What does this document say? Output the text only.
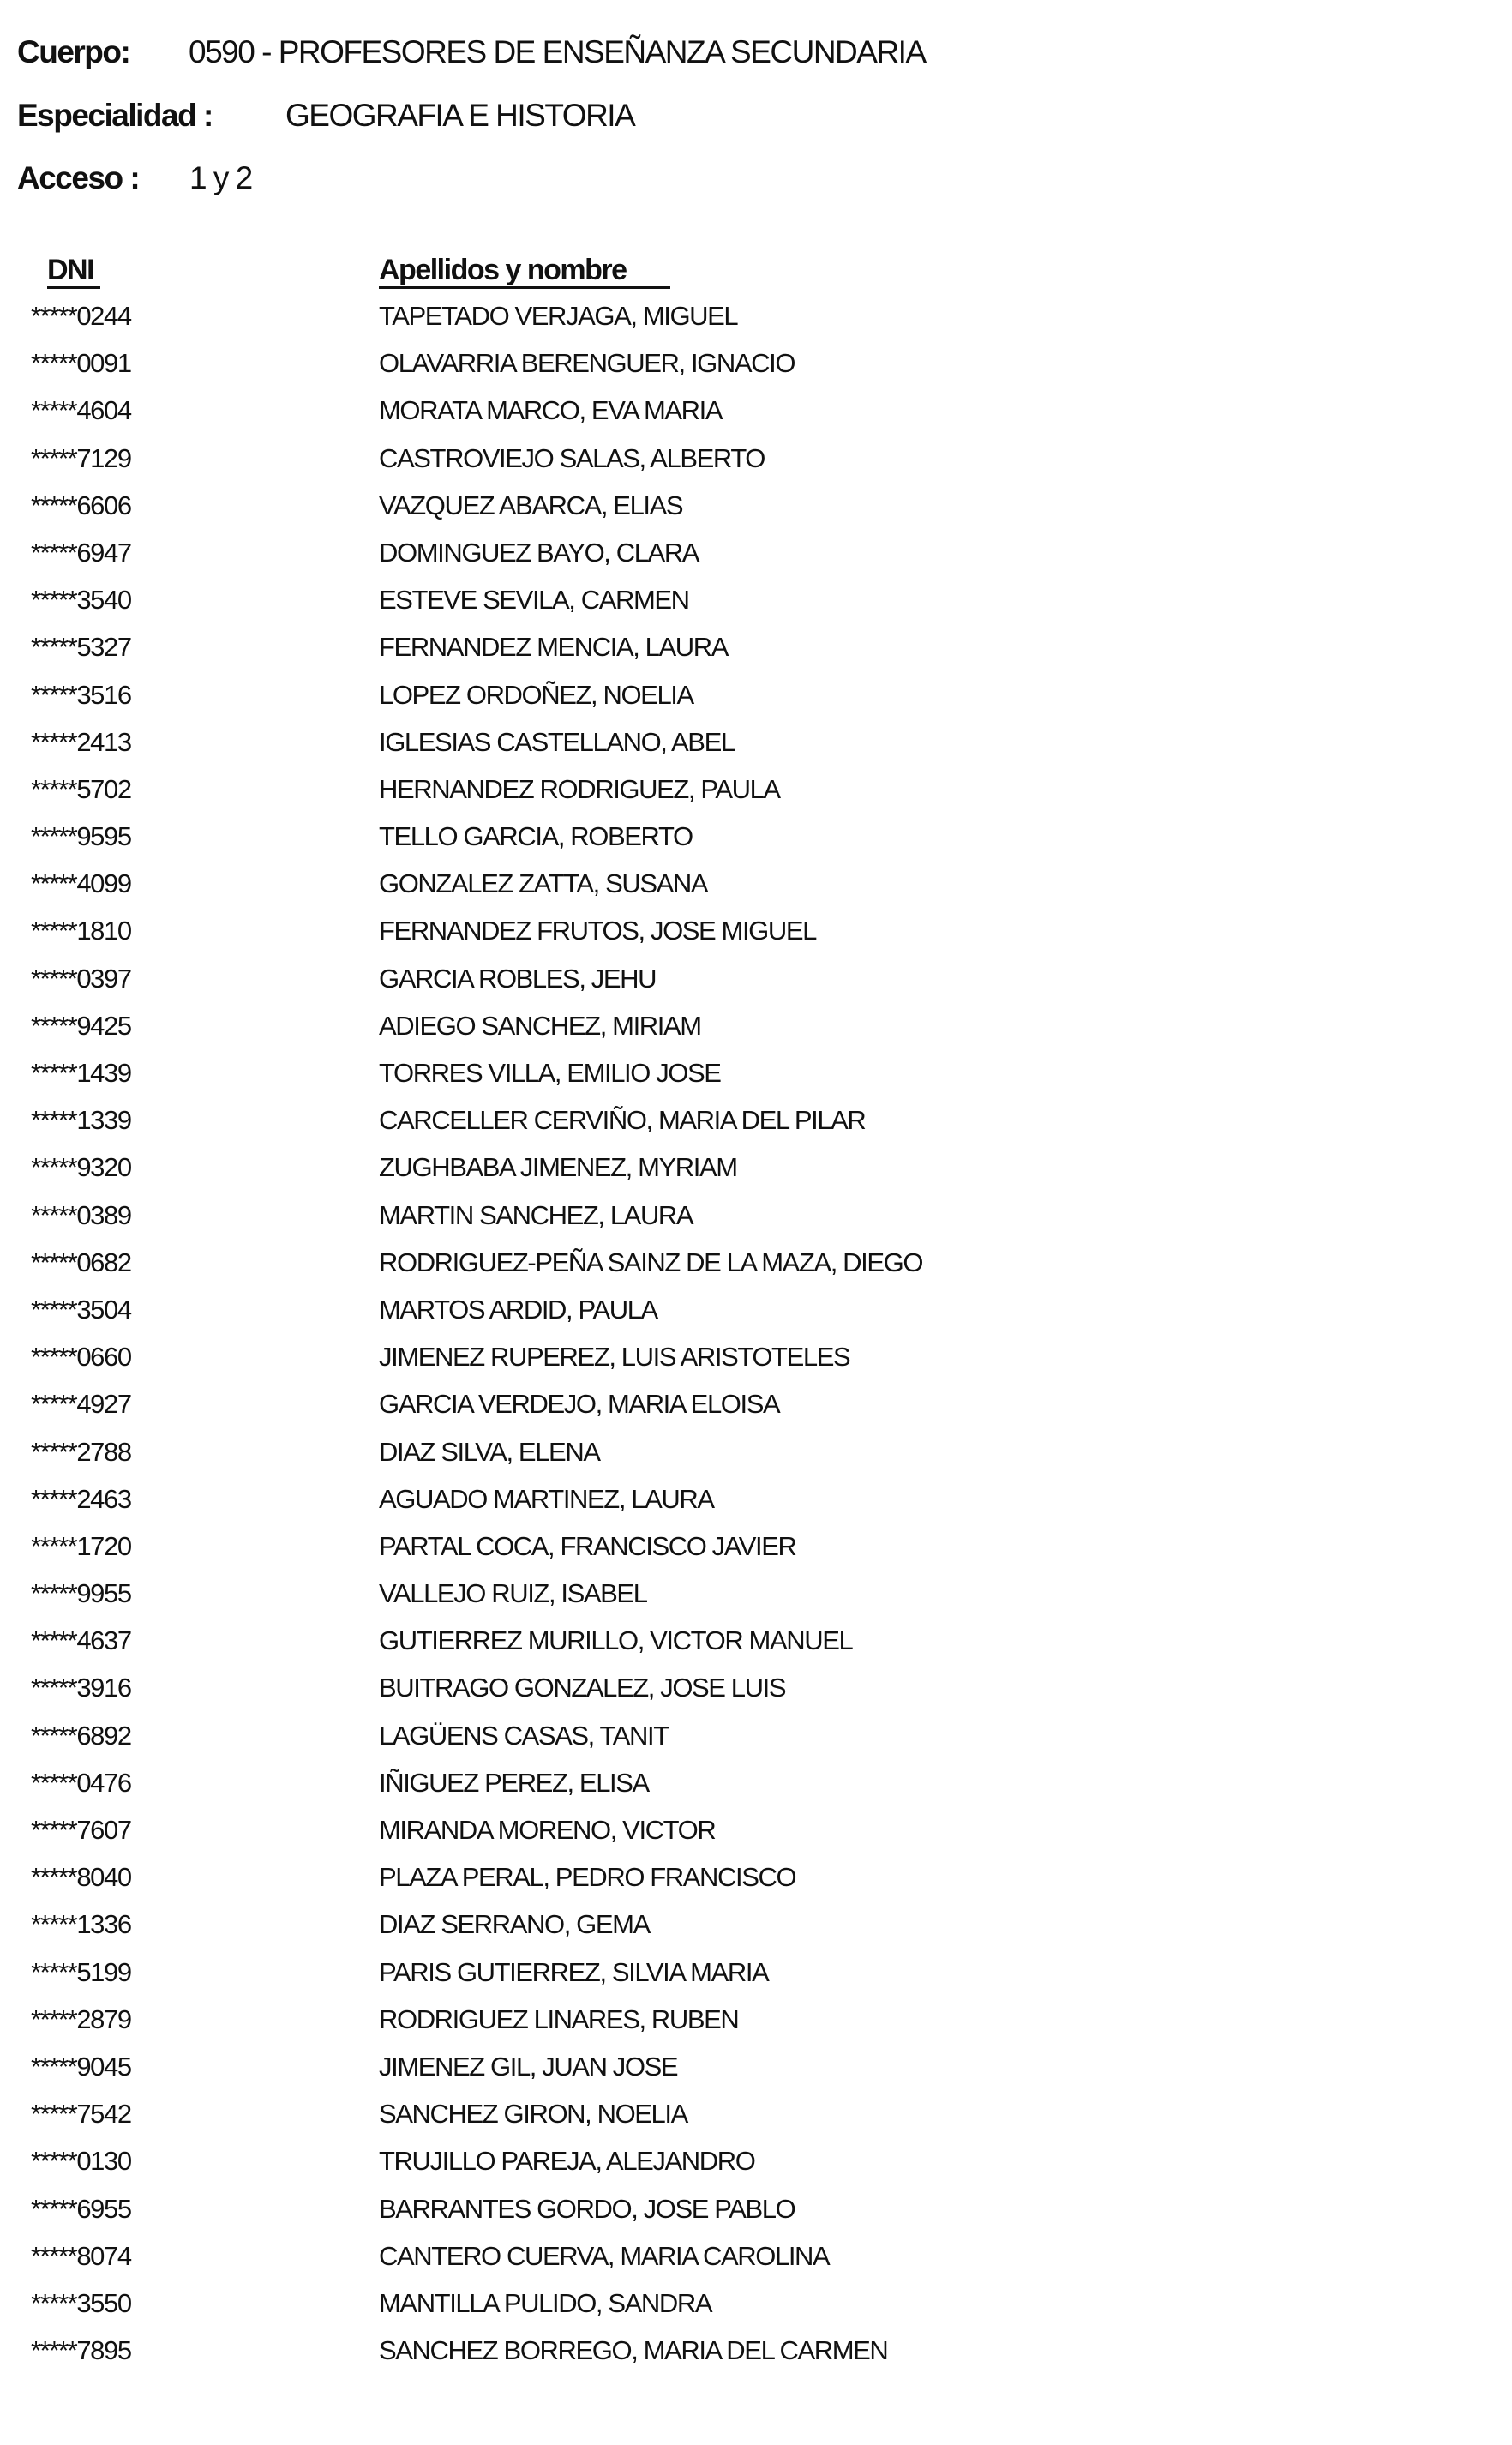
Cuerpo: 0590 - PROFESORES DE ENSEÑANZA SECUNDARIA
Especialidad : GEOGRAFIA E HISTORIA
Acceso : 1 y 2
DNI	Apellidos y nombre
*****0244	TAPETADO VERJAGA, MIGUEL
*****0091	OLAVARRIA BERENGUER, IGNACIO
*****4604	MORATA MARCO, EVA MARIA
*****7129	CASTROVIEJO SALAS, ALBERTO
*****6606	VAZQUEZ ABARCA, ELIAS
*****6947	DOMINGUEZ BAYO, CLARA
*****3540	ESTEVE SEVILA, CARMEN
*****5327	FERNANDEZ MENCIA, LAURA
*****3516	LOPEZ ORDOÑEZ, NOELIA
*****2413	IGLESIAS CASTELLANO, ABEL
*****5702	HERNANDEZ RODRIGUEZ, PAULA
*****9595	TELLO GARCIA, ROBERTO
*****4099	GONZALEZ ZATTA, SUSANA
*****1810	FERNANDEZ FRUTOS, JOSE MIGUEL
*****0397	GARCIA ROBLES, JEHU
*****9425	ADIEGO SANCHEZ, MIRIAM
*****1439	TORRES VILLA, EMILIO JOSE
*****1339	CARCELLER CERVIÑO, MARIA DEL PILAR
*****9320	ZUGHBABA JIMENEZ, MYRIAM
*****0389	MARTIN SANCHEZ, LAURA
*****0682	RODRIGUEZ-PEÑA SAINZ DE LA MAZA, DIEGO
*****3504	MARTOS ARDID, PAULA
*****0660	JIMENEZ RUPEREZ, LUIS ARISTOTELES
*****4927	GARCIA VERDEJO, MARIA ELOISA
*****2788	DIAZ SILVA, ELENA
*****2463	AGUADO MARTINEZ, LAURA
*****1720	PARTAL COCA, FRANCISCO JAVIER
*****9955	VALLEJO RUIZ, ISABEL
*****4637	GUTIERREZ MURILLO, VICTOR MANUEL
*****3916	BUITRAGO GONZALEZ, JOSE LUIS
*****6892	LAGÜENS CASAS, TANIT
*****0476	IÑIGUEZ PEREZ, ELISA
*****7607	MIRANDA MORENO, VICTOR
*****8040	PLAZA PERAL, PEDRO FRANCISCO
*****1336	DIAZ SERRANO, GEMA
*****5199	PARIS GUTIERREZ, SILVIA MARIA
*****2879	RODRIGUEZ LINARES, RUBEN
*****9045	JIMENEZ GIL, JUAN JOSE
*****7542	SANCHEZ GIRON, NOELIA
*****0130	TRUJILLO PAREJA, ALEJANDRO
*****6955	BARRANTES GORDO, JOSE PABLO
*****8074	CANTERO CUERVA, MARIA CAROLINA
*****3550	MANTILLA PULIDO, SANDRA
*****7895	SANCHEZ BORREGO, MARIA DEL CARMEN
